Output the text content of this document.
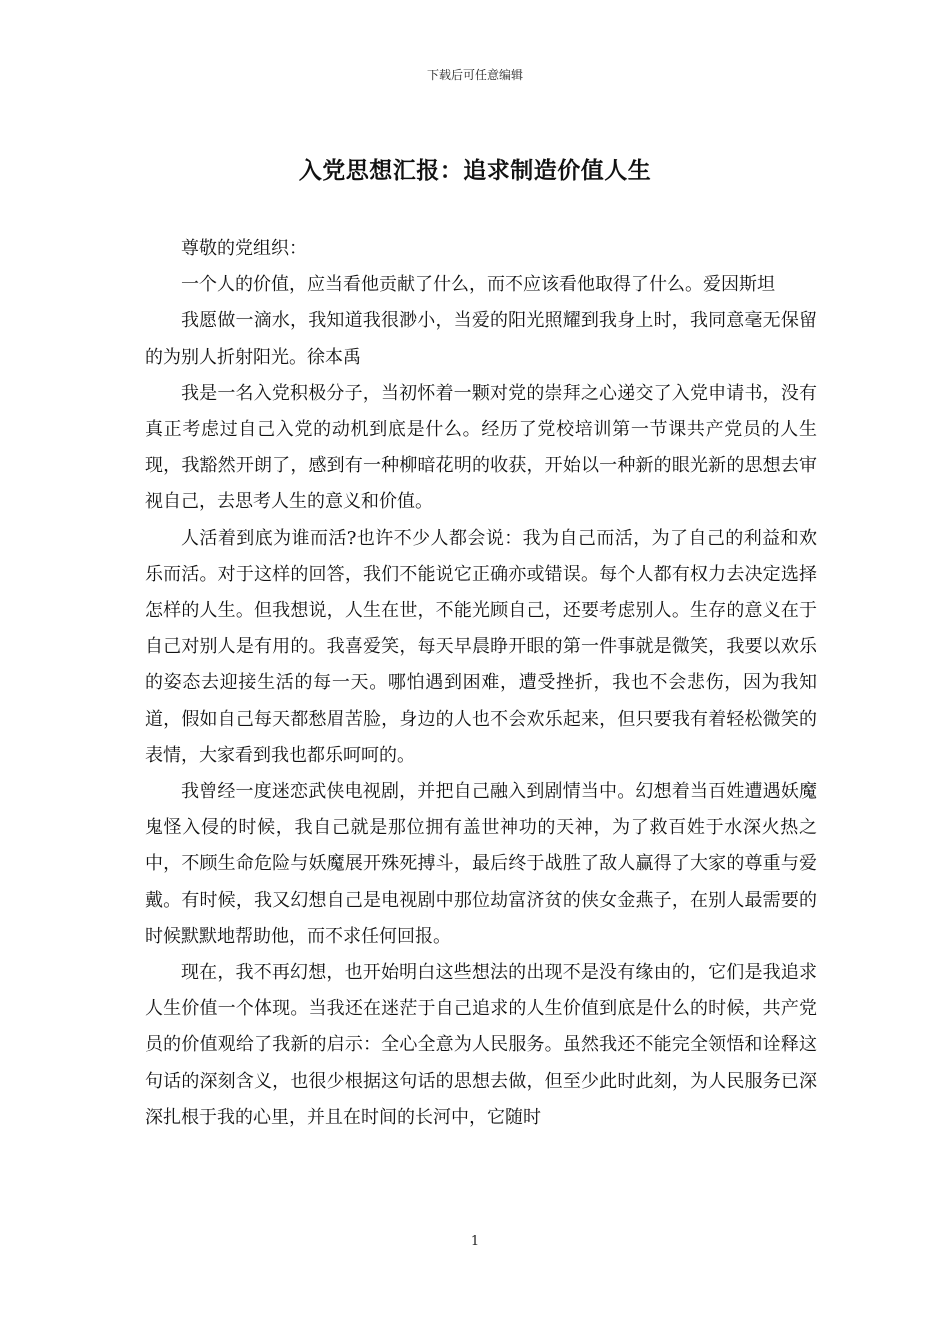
下载后可任意编辑
入党思想汇报：追求制造价值人生

尊敬的党组织：

一个人的价值，应当看他贡献了什么，而不应该看他取得了什么。爱因斯坦

我愿做一滴水，我知道我很渺小，当爱的阳光照耀到我身上时，我同意毫无保留的为别人折射阳光。徐本禹

我是一名入党积极分子，当初怀着一颗对党的崇拜之心递交了入党申请书，没有真正考虑过自己入党的动机到底是什么。经历了党校培训第一节课共产党员的人生现，我豁然开朗了，感到有一种柳暗花明的收获，开始以一种新的眼光新的思想去审视自己，去思考人生的意义和价值。

人活着到底为谁而活?也许不少人都会说：我为自己而活，为了自己的利益和欢乐而活。对于这样的回答，我们不能说它正确亦或错误。每个人都有权力去决定选择怎样的人生。但我想说，人生在世，不能光顾自己，还要考虑别人。生存的意义在于自己对别人是有用的。我喜爱笑，每天早晨睁开眼的第一件事就是微笑，我要以欢乐的姿态去迎接生活的每一天。哪怕遇到困难，遭受挫折，我也不会悲伤，因为我知道，假如自己每天都愁眉苦脸，身边的人也不会欢乐起来，但只要我有着轻松微笑的表情，大家看到我也都乐呵呵的。

我曾经一度迷恋武侠电视剧，并把自己融入到剧情当中。幻想着当百姓遭遇妖魔鬼怪入侵的时候，我自己就是那位拥有盖世神功的天神，为了救百姓于水深火热之中，不顾生命危险与妖魔展开殊死搏斗，最后终于战胜了敌人赢得了大家的尊重与爱戴。有时候，我又幻想自己是电视剧中那位劫富济贫的侠女金燕子，在别人最需要的时候默默地帮助他，而不求任何回报。

现在，我不再幻想，也开始明白这些想法的出现不是没有缘由的，它们是我追求人生价值一个体现。当我还在迷茫于自己追求的人生价值到底是什么的时候，共产党员的价值观给了我新的启示：全心全意为人民服务。虽然我还不能完全领悟和诠释这句话的深刻含义，也很少根据这句话的思想去做，但至少此时此刻，为人民服务已深深扎根于我的心里，并且在时间的长河中，它随时

1
